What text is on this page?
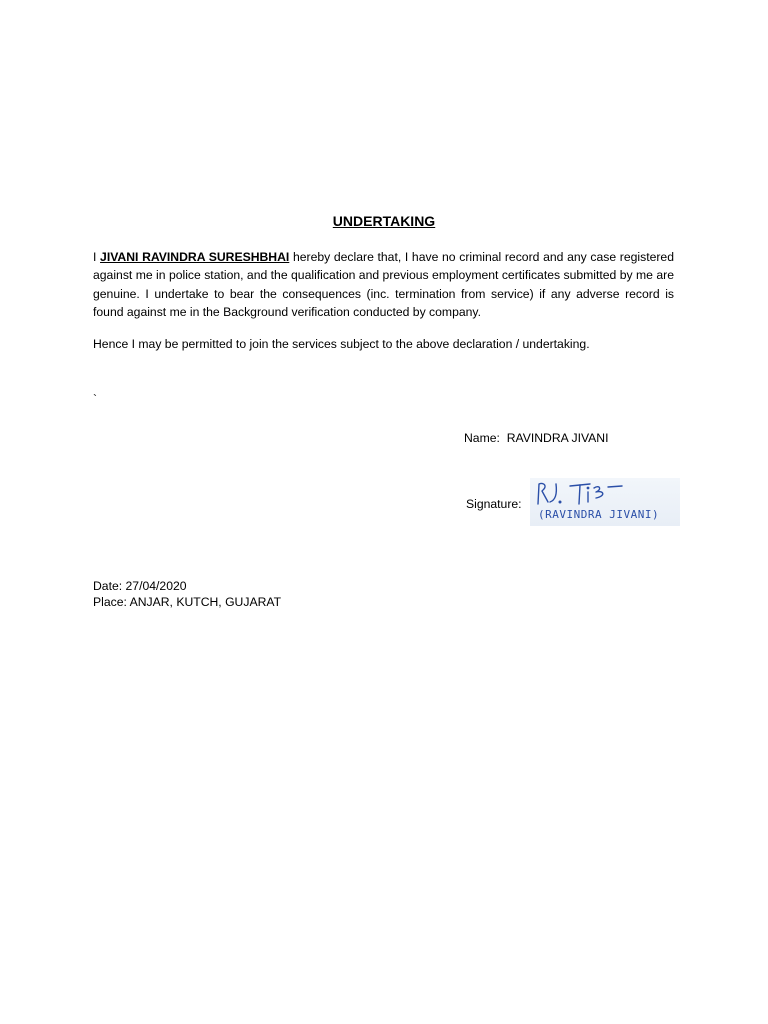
UNDERTAKING
I JIVANI RAVINDRA SURESHBHAI hereby declare that, I have no criminal record and any case registered against me in police station, and the qualification and previous employment certificates submitted by me are genuine. I undertake to bear the consequences (inc. termination from service) if any adverse record is found against me in the Background verification conducted by company.
Hence I may be permitted to join the services subject to the above declaration / undertaking.
`
Name: RAVINDRA JIVANI
Signature:
(RAVINDRA JIVANI)
Date: 27/04/2020
Place: ANJAR, KUTCH, GUJARAT
